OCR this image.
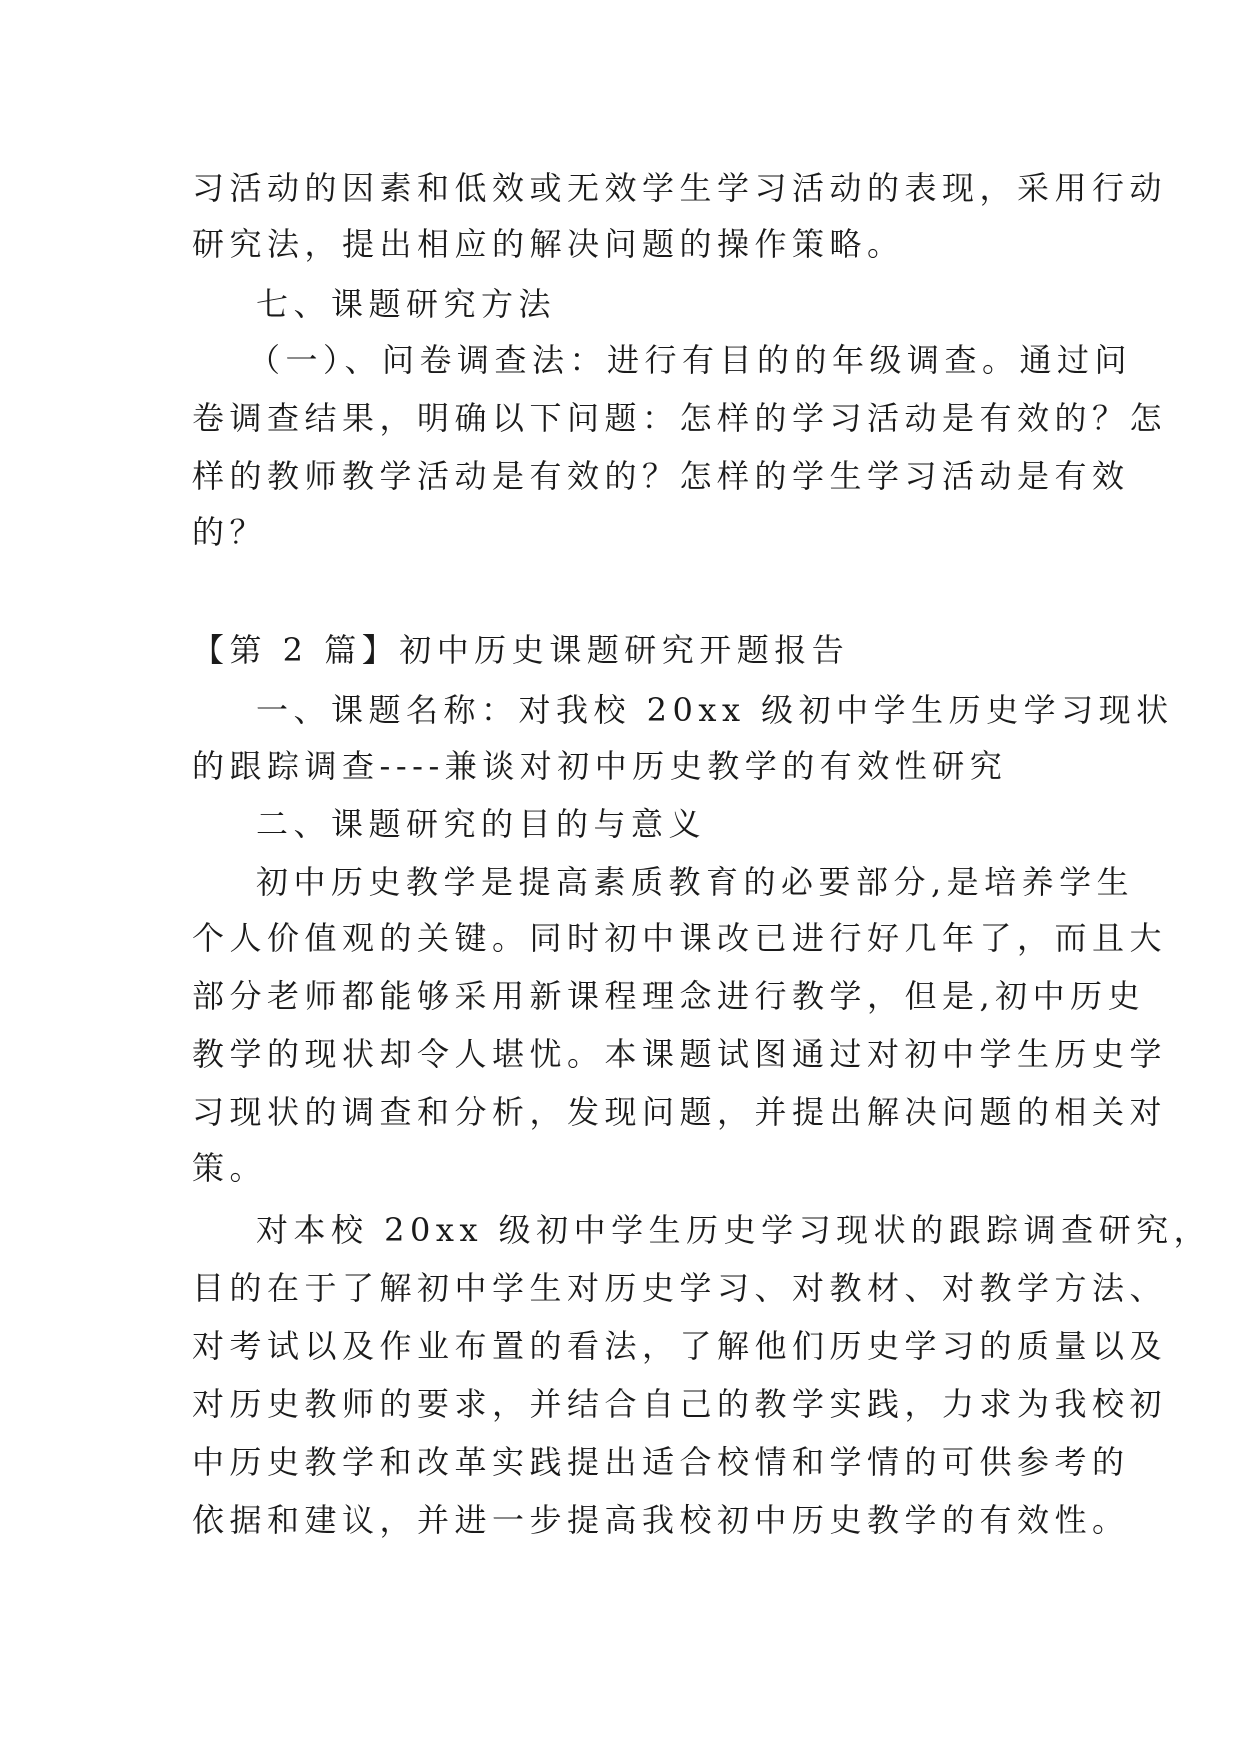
习活动的因素和低效或无效学生学习活动的表现，采用行动
研究法，提出相应的解决问题的操作策略。
七、课题研究方法
（一）、问卷调查法：进行有目的的年级调查。通过问
卷调查结果，明确以下问题：怎样的学习活动是有效的？怎
样的教师教学活动是有效的？怎样的学生学习活动是有效
的？
【第 2 篇】初中历史课题研究开题报告
一、课题名称：对我校 20xx 级初中学生历史学习现状
的跟踪调查----兼谈对初中历史教学的有效性研究
二、课题研究的目的与意义
初中历史教学是提高素质教育的必要部分,是培养学生
个人价值观的关键。同时初中课改已进行好几年了，而且大
部分老师都能够采用新课程理念进行教学，但是,初中历史
教学的现状却令人堪忧。本课题试图通过对初中学生历史学
习现状的调查和分析，发现问题，并提出解决问题的相关对
策。
对本校 20xx 级初中学生历史学习现状的跟踪调查研究，
目的在于了解初中学生对历史学习、对教材、对教学方法、
对考试以及作业布置的看法，了解他们历史学习的质量以及
对历史教师的要求，并结合自己的教学实践，力求为我校初
中历史教学和改革实践提出适合校情和学情的可供参考的
依据和建议，并进一步提高我校初中历史教学的有效性。
